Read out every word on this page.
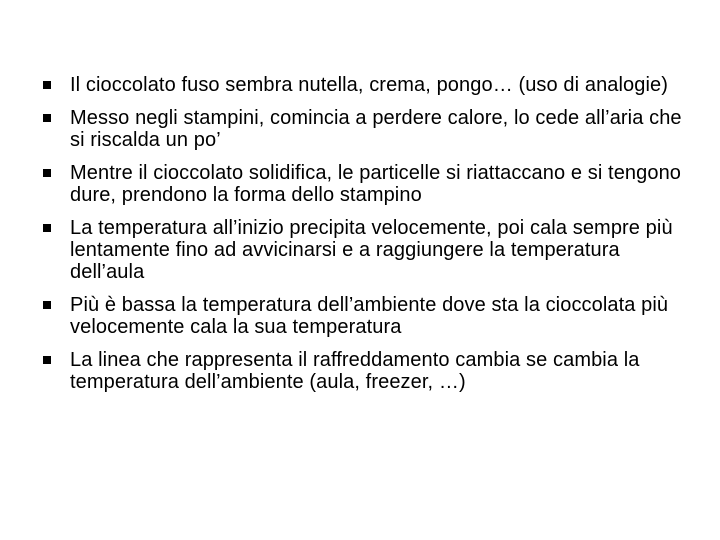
Il cioccolato fuso sembra nutella, crema, pongo… (uso di analogie)
Messo negli stampini, comincia a perdere calore, lo cede all’aria che si riscalda un po’
Mentre il cioccolato solidifica, le particelle si riattaccano e si tengono dure, prendono la forma dello stampino
La temperatura all’inizio precipita velocemente, poi cala sempre più lentamente fino ad avvicinarsi e a raggiungere la temperatura dell’aula
Più è bassa la temperatura dell’ambiente dove sta la cioccolata più velocemente cala la sua temperatura
La linea che rappresenta il raffreddamento cambia se cambia la temperatura dell’ambiente (aula, freezer, …)
